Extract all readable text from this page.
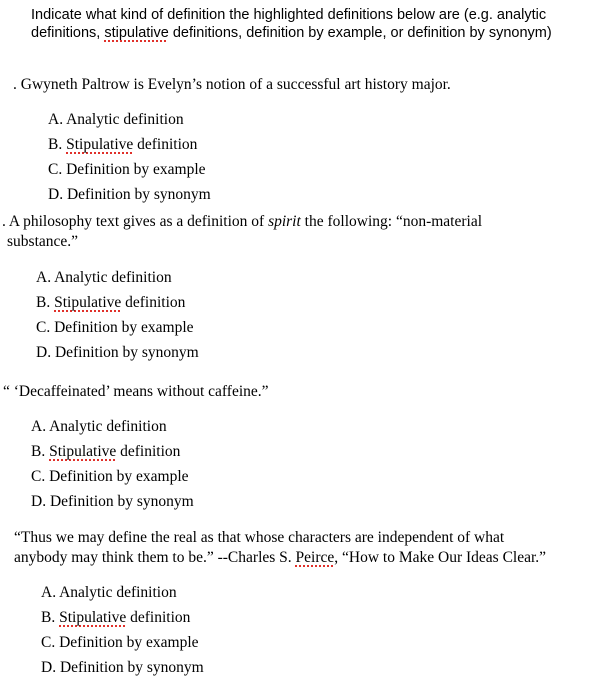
Indicate what kind of definition the highlighted definitions below are (e.g. analytic definitions, stipulative definitions, definition by example, or definition by synonym)
. Gwyneth Paltrow is Evelyn’s notion of a successful art history major.
A. Analytic definition
B. Stipulative definition
C. Definition by example
D. Definition by synonym
. A philosophy text gives as a definition of spirit the following: “non-material
substance.”
A. Analytic definition
B. Stipulative definition
C. Definition by example
D. Definition by synonym
“ ‘Decaffeinated’ means without caffeine.”
A. Analytic definition
B. Stipulative definition
C. Definition by example
D. Definition by synonym
“Thus we may define the real as that whose characters are independent of what
anybody may think them to be.” --Charles S. Peirce, “How to Make Our Ideas Clear.”
A. Analytic definition
B. Stipulative definition
C. Definition by example
D. Definition by synonym
